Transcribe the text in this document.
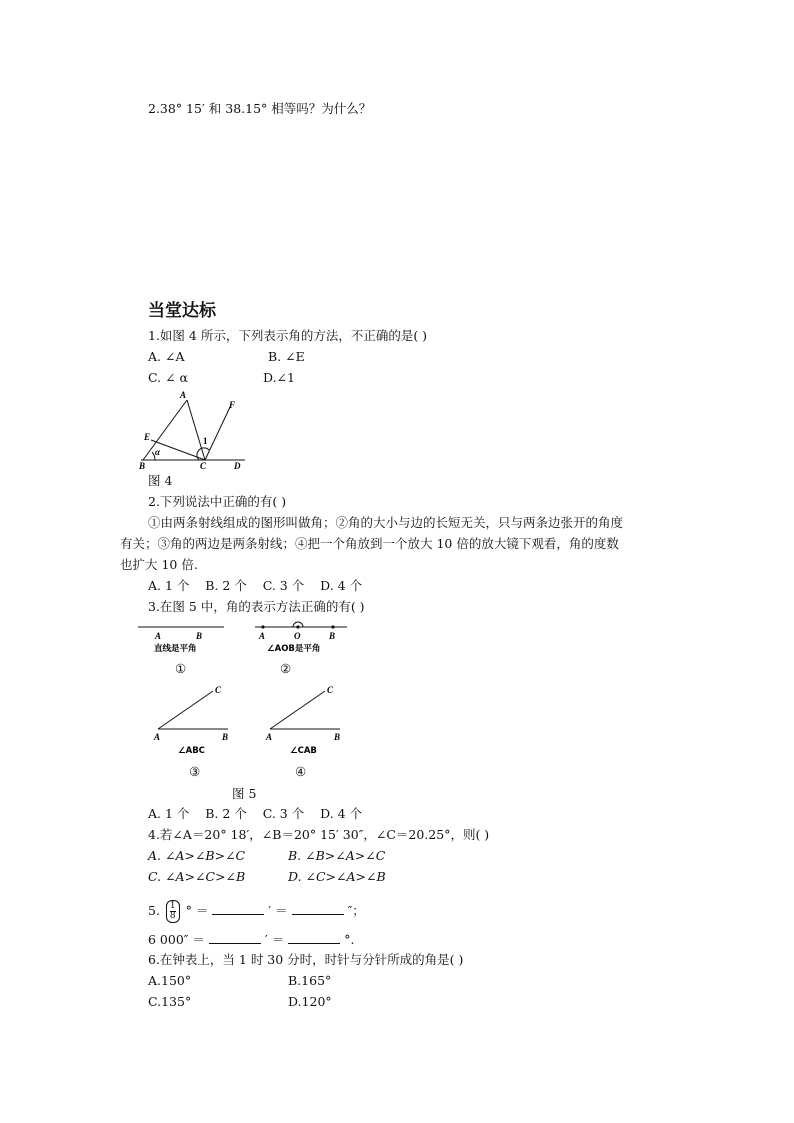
2.38° 15′ 和 38.15° 相等吗？为什么？
当堂达标
1.如图 4 所示，下列表示角的方法，不正确的是( )
A. ∠A	B. ∠E
C. ∠ α	D.∠1
A
E
B	C	D
F
α
1
图 4
2.下列说法中正确的有( )
①由两条射线组成的图形叫做角；②角的大小与边的长短无关，只与两条边张开的角度
有关；③角的两边是两条射线；④把一个角放到一个放大 10 倍的放大镜下观看，角的度数
也扩大 10 倍.
A. 1 个    B. 2 个    C. 3 个    D. 4 个
3.在图 5 中，角的表示方法正确的有( )
A	B
直线是平角
①
A	O	B
∠AOB是平角
②
C
A	B
∠ABC
③
C
A	B
∠CAB
④
图 5
A. 1 个    B. 2 个    C. 3 个    D. 4 个
4.若∠A＝20° 18′，∠B＝20° 15′ 30″，∠C＝20.25°，则( )
A. ∠A>∠B>∠C	B. ∠B>∠A>∠C
C. ∠A>∠C>∠B	D. ∠C>∠A>∠B
5. $\frac{1}{8}$ ° ＝	′ ＝	″；
6 000″ ＝	′ ＝	°.
6.在钟表上，当 1 时 30 分时，时针与分针所成的角是( )
A.150°	B.165°
C.135°	D.120°
